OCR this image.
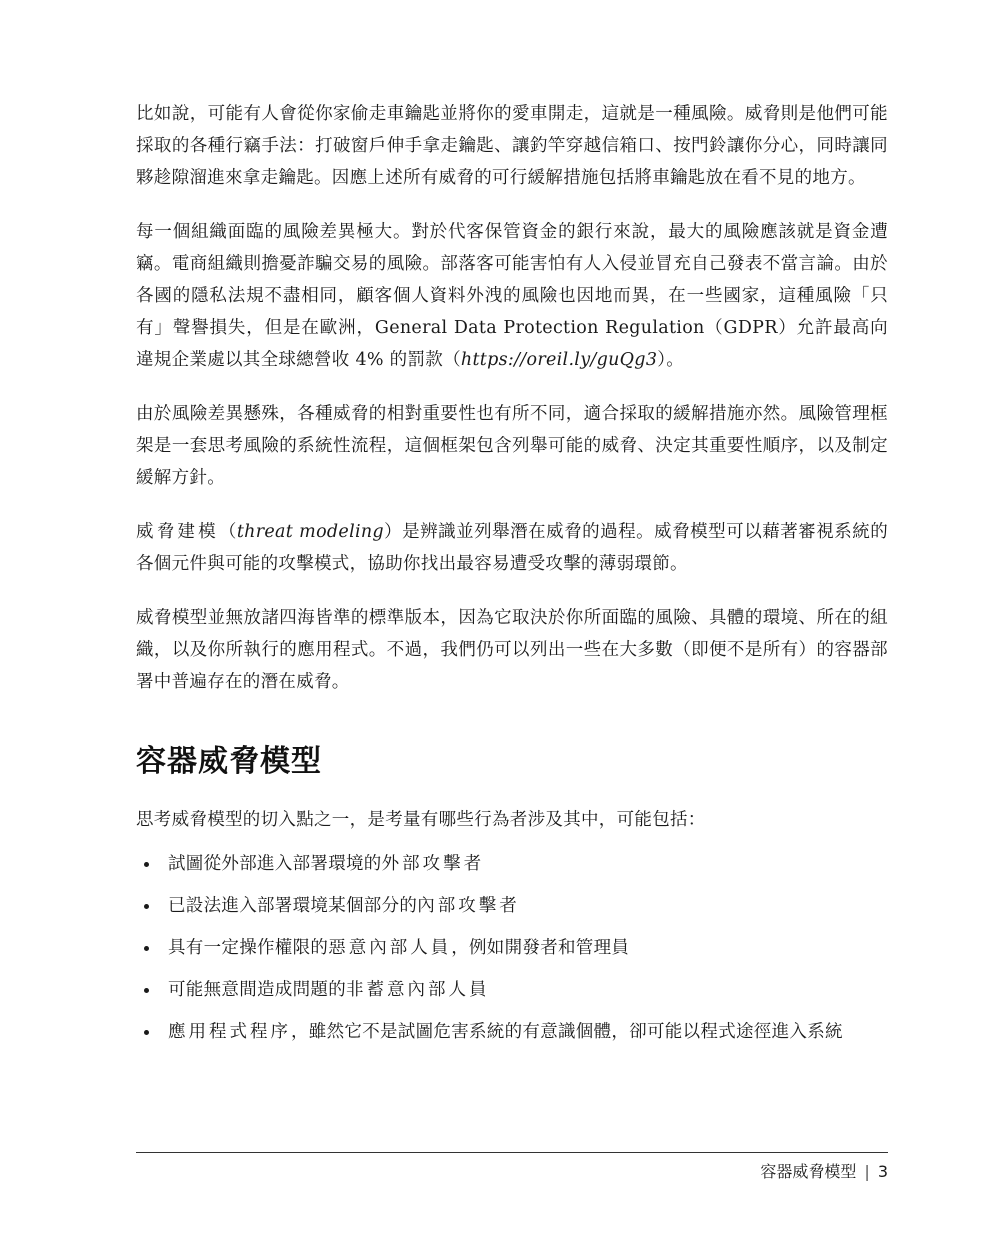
比如說，可能有人會從你家偷走車鑰匙並將你的愛車開走，這就是一種風險。威脅則是他們可能採取的各種行竊手法：打破窗戶伸手拿走鑰匙、讓釣竿穿越信箱口、按門鈴讓你分心，同時讓同夥趁隙溜進來拿走鑰匙。因應上述所有威脅的可行緩解措施包括將車鑰匙放在看不見的地方。

每一個組織面臨的風險差異極大。對於代客保管資金的銀行來說，最大的風險應該就是資金遭竊。電商組織則擔憂詐騙交易的風險。部落客可能害怕有人入侵並冒充自己發表不當言論。由於各國的隱私法規不盡相同，顧客個人資料外洩的風險也因地而異，在一些國家，這種風險「只有」聲譽損失，但是在歐洲，General Data Protection Regulation（GDPR）允許最高向違規企業處以其全球總營收 4% 的罰款（https://oreil.ly/guQg3）。

由於風險差異懸殊，各種威脅的相對重要性也有所不同，適合採取的緩解措施亦然。風險管理框架是一套思考風險的系統性流程，這個框架包含列舉可能的威脅、決定其重要性順序，以及制定緩解方針。

威脅建模（threat modeling）是辨識並列舉潛在威脅的過程。威脅模型可以藉著審視系統的各個元件與可能的攻擊模式，協助你找出最容易遭受攻擊的薄弱環節。

威脅模型並無放諸四海皆準的標準版本，因為它取決於你所面臨的風險、具體的環境、所在的組織，以及你所執行的應用程式。不過，我們仍可以列出一些在大多數（即便不是所有）的容器部署中普遍存在的潛在威脅。

容器威脅模型

思考威脅模型的切入點之一，是考量有哪些行為者涉及其中，可能包括：

試圖從外部進入部署環境的外部攻擊者
已設法進入部署環境某個部分的內部攻擊者
具有一定操作權限的惡意內部人員，例如開發者和管理員
可能無意間造成問題的非蓄意內部人員
應用程式程序，雖然它不是試圖危害系統的有意識個體，卻可能以程式途徑進入系統
容器威脅模型 | 3
